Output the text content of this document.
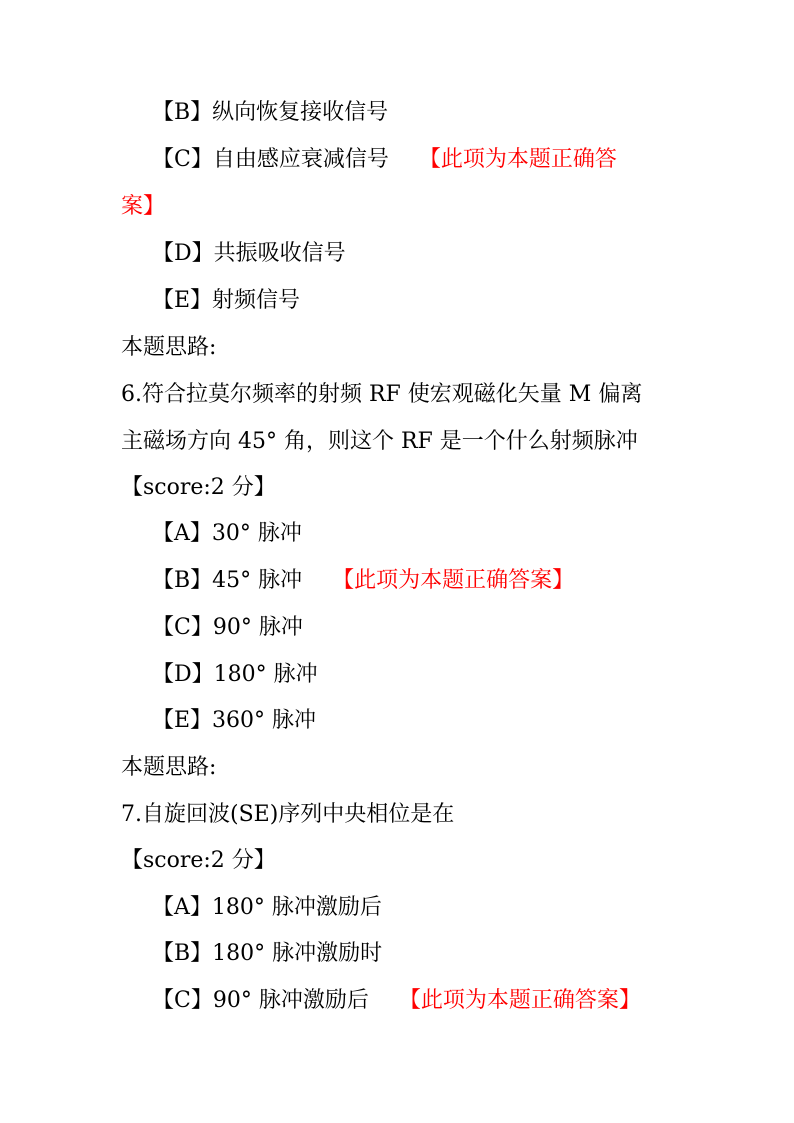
【B】纵向恢复接收信号
【C】自由感应衰减信号 【此项为本题正确答
案】
【D】共振吸收信号
【E】射频信号
本题思路:
6.符合拉莫尔频率的射频 RF 使宏观磁化矢量 M 偏离
主磁场方向 45° 角，则这个 RF 是一个什么射频脉冲
【score:2 分】
【A】30° 脉冲
【B】45° 脉冲 【此项为本题正确答案】
【C】90° 脉冲
【D】180° 脉冲
【E】360° 脉冲
本题思路:
7.自旋回波(SE)序列中央相位是在
【score:2 分】
【A】180° 脉冲激励后
【B】180° 脉冲激励时
【C】90° 脉冲激励后 【此项为本题正确答案】
